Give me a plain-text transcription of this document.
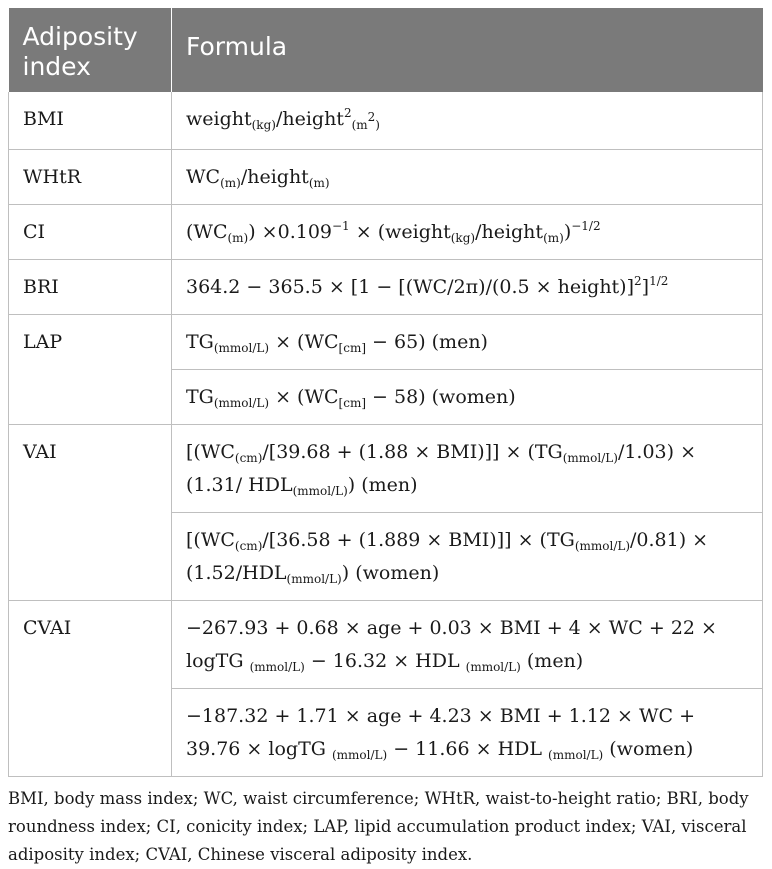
Adiposity index	Formula
BMI	weight$_{(kg)}$/height$^2_{(m^2)}$
WHtR	$WC_{(m)}/height_{(m)}$
CI	$(WC_{(m)}) \times 0.109^{-1}$ × (weight$_{(kg)}$/height$_{(m)}$)$^{-1/2}$
BRI	364.2 − 365.5 × [1 − [(WC/2π)/(0.5 × height)]$^2$]$^{1/2}$
LAP	$TG_{(mmol/L)} \times (WC_{[cm]} - 65)$ (men)
	$TG_{(mmol/L)} \times (WC_{[cm]} - 58)$ (women)
VAI	[$(WC_{(cm)}/[39.68 + (1.88 \times BMI)]] \times (TG_{(mmol/L)}/1.03) \times (1.31/$ $HDL_{(mmol/L)}$) (men)
	[$(WC_{(cm)}/[36.58 + (1.889 \times BMI)]] \times (TG_{(mmol/L)}/0.81) \times (1.52/HDL_{(mmol/L)})$ (women)
CVAI	−267.93 + 0.68 × age + 0.03 × BMI + 4 × WC + 22 × logTG $_{(mmol/L)}$ − 16.32 × HDL $_{(mmol/L)}$ (men)
	−187.32 + 1.71 × age + 4.23 × BMI + 1.12 × WC + 39.76 × logTG $_{(mmol/L)}$ − 11.66 × HDL $_{(mmol/L)}$ (women)
BMI, body mass index; WC, waist circumference; WHtR, waist-to-height ratio; BRI, body roundness index; CI, conicity index; LAP, lipid accumulation product index; VAI, visceral adiposity index; CVAI, Chinese visceral adiposity index.
